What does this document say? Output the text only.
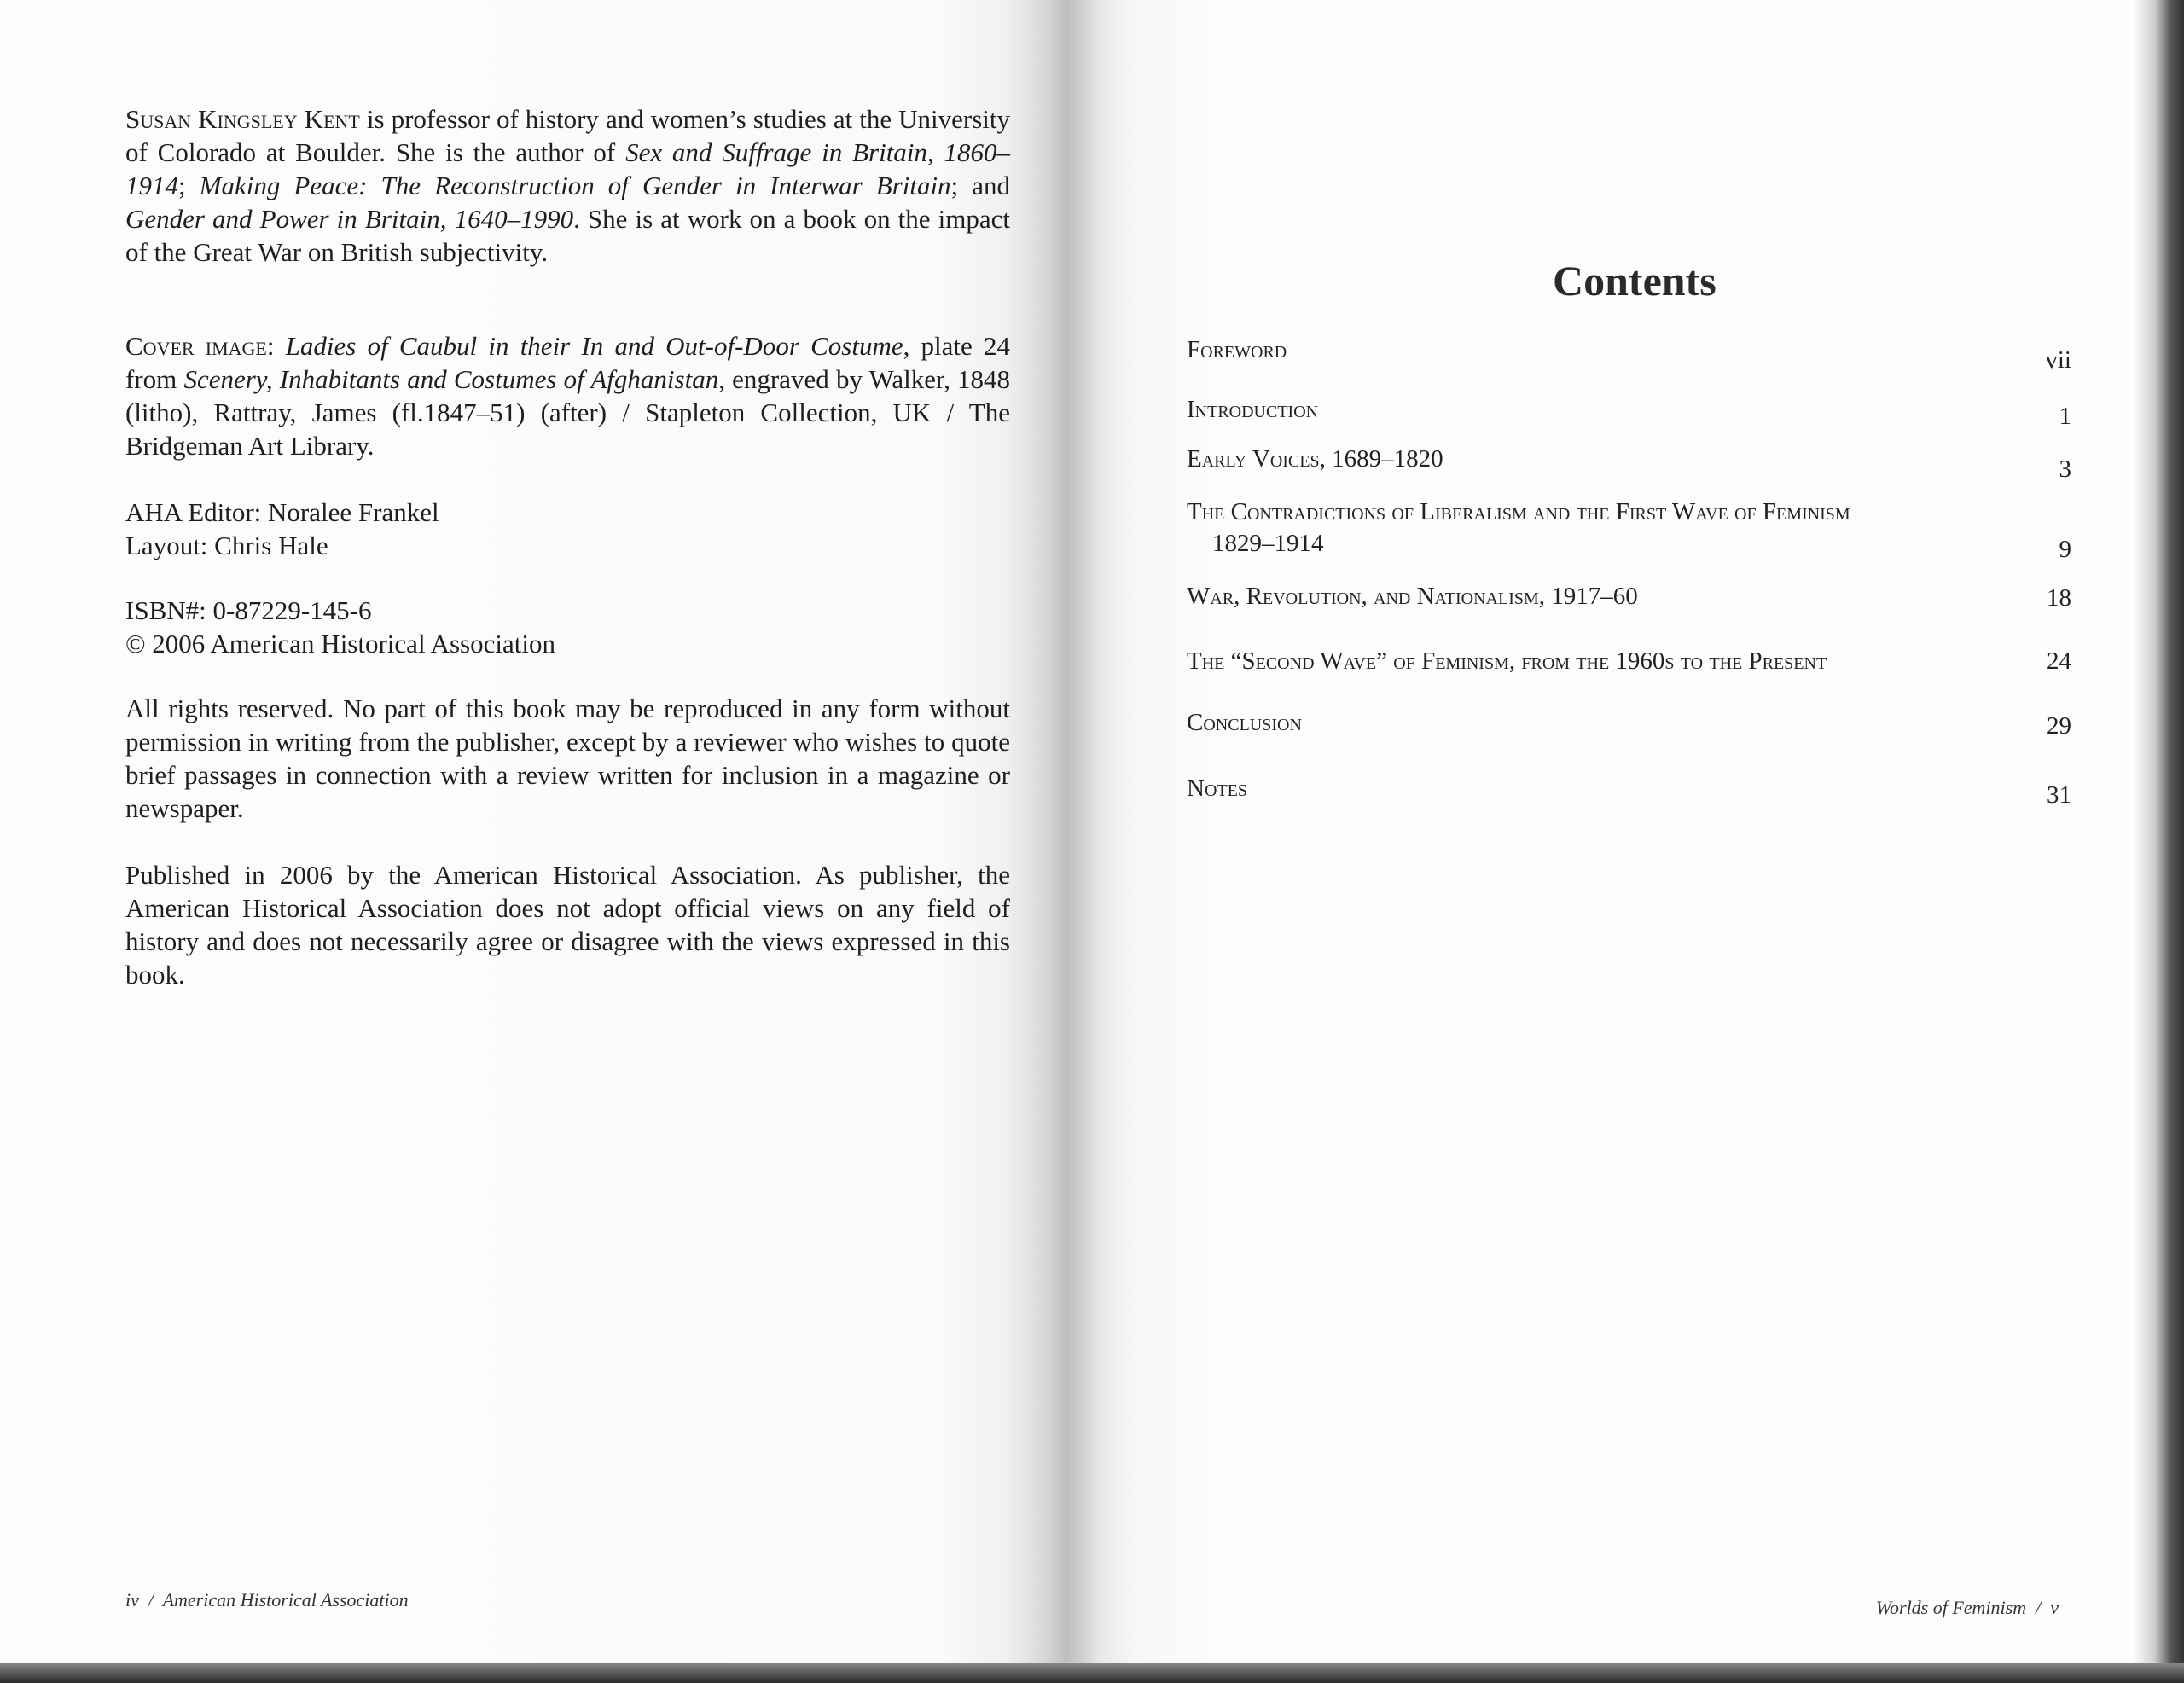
Susan Kingsley Kent is professor of history and women’s studies at the University of Colorado at Boulder. She is the author of Sex and Suffrage in Britain, 1860–1914; Making Peace: The Reconstruction of Gender in Interwar Britain; and Gender and Power in Britain, 1640–1990. She is at work on a book on the impact of the Great War on British subjectivity.
Cover image: Ladies of Caubul in their In and Out-of-Door Costume, plate 24 from Scenery, Inhabitants and Costumes of Afghanistan, engraved by Walker, 1848 (litho), Rattray, James (fl.1847–51) (after) / Stapleton Collection, UK / The Bridgeman Art Library.
AHA Editor: Noralee Frankel
Layout: Chris Hale
ISBN#: 0-87229-145-6
© 2006 American Historical Association
All rights reserved. No part of this book may be reproduced in any form without permission in writing from the publisher, except by a reviewer who wishes to quote brief passages in connection with a review written for inclusion in a magazine or newspaper.
Published in 2006 by the American Historical Association. As publisher, the American Historical Association does not adopt official views on any field of history and does not necessarily agree or disagree with the views expressed in this book.
iv  /  American Historical Association
Contents
Foreword	vii
Introduction	1
Early Voices, 1689–1820	3
The Contradictions of Liberalism and the First Wave of Feminism
1829–1914	9
War, Revolution, and Nationalism, 1917–60	18
The “Second Wave” of Feminism, from the 1960s to the Present	24
Conclusion	29
Notes	31
Worlds of Feminism  /  v
